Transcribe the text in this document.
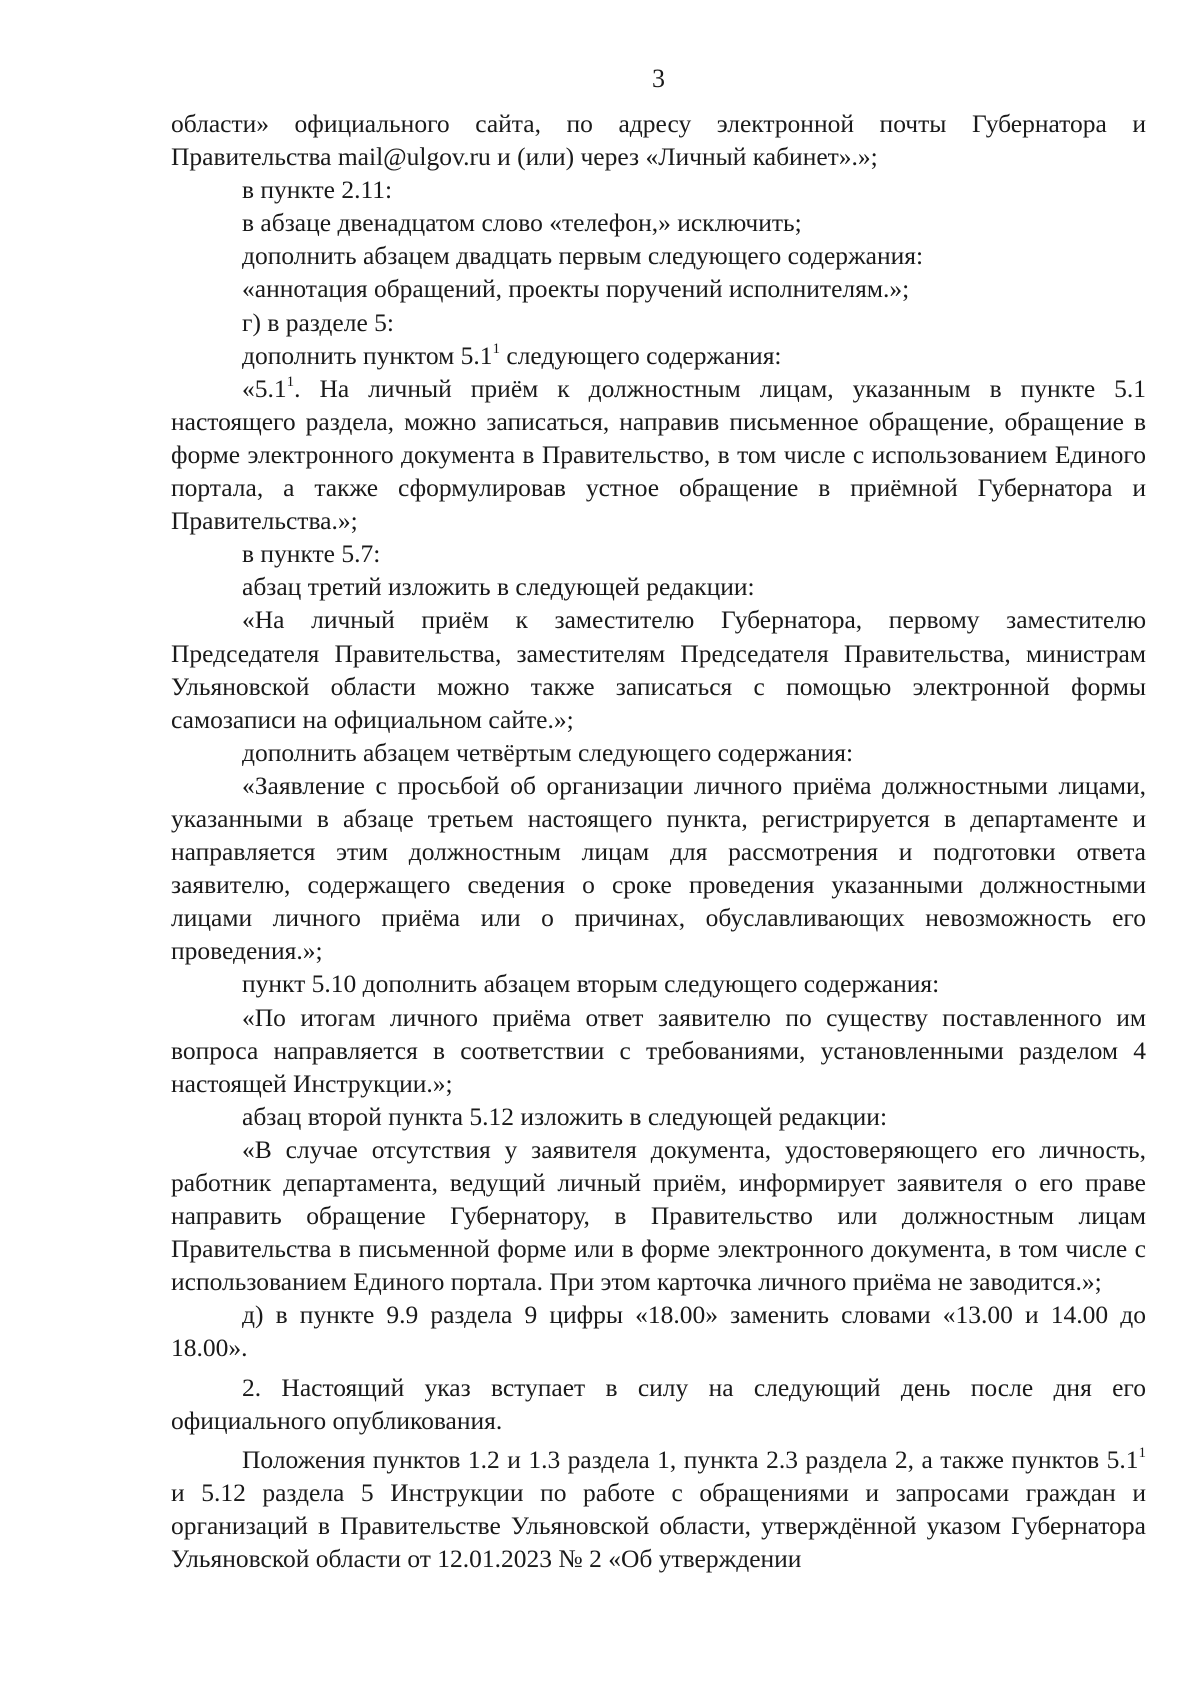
3

области» официального сайта, по адресу электронной почты Губернатора и Правительства mail@ulgov.ru и (или) через «Личный кабинет».»;

в пункте 2.11:

в абзаце двенадцатом слово «телефон,» исключить;

дополнить абзацем двадцать первым следующего содержания:

«аннотация обращений, проекты поручений исполнителям.»;

г) в разделе 5:

дополнить пунктом $5.1^1$ следующего содержания:

«$5.1^1$. На личный приём к должностным лицам, указанным в пункте 5.1 настоящего раздела, можно записаться, направив письменное обращение, обращение в форме электронного документа в Правительство, в том числе с использованием Единого портала, а также сформулировав устное обращение в приёмной Губернатора и Правительства.»;

в пункте 5.7:

абзац третий изложить в следующей редакции:

«На личный приём к заместителю Губернатора, первому заместителю Председателя Правительства, заместителям Председателя Правительства, министрам Ульяновской области можно также записаться с помощью электронной формы самозаписи на официальном сайте.»;

дополнить абзацем четвёртым следующего содержания:

«Заявление с просьбой об организации личного приёма должностными лицами, указанными в абзаце третьем настоящего пункта, регистрируется в департаменте и направляется этим должностным лицам для рассмотрения и подготовки ответа заявителю, содержащего сведения о сроке проведения указанными должностными лицами личного приёма или о причинах, обуславливающих невозможность его проведения.»;

пункт 5.10 дополнить абзацем вторым следующего содержания:

«По итогам личного приёма ответ заявителю по существу поставленного им вопроса направляется в соответствии с требованиями, установленными разделом 4 настоящей Инструкции.»;

абзац второй пункта 5.12 изложить в следующей редакции:

«В случае отсутствия у заявителя документа, удостоверяющего его личность, работник департамента, ведущий личный приём, информирует заявителя о его праве направить обращение Губернатору, в Правительство или должностным лицам Правительства в письменной форме или в форме электронного документа, в том числе с использованием Единого портала. При этом карточка личного приёма не заводится.»;

д) в пункте 9.9 раздела 9 цифры «18.00» заменить словами «13.00 и 14.00 до 18.00».

2. Настоящий указ вступает в силу на следующий день после дня его официального опубликования.

Положения пунктов 1.2 и 1.3 раздела 1, пункта 2.3 раздела 2, а также пунктов $5.1^1$ и 5.12 раздела 5 Инструкции по работе с обращениями и запросами граждан и организаций в Правительстве Ульяновской области, утверждённой указом Губернатора Ульяновской области от 12.01.2023 № 2 «Об утверждении
